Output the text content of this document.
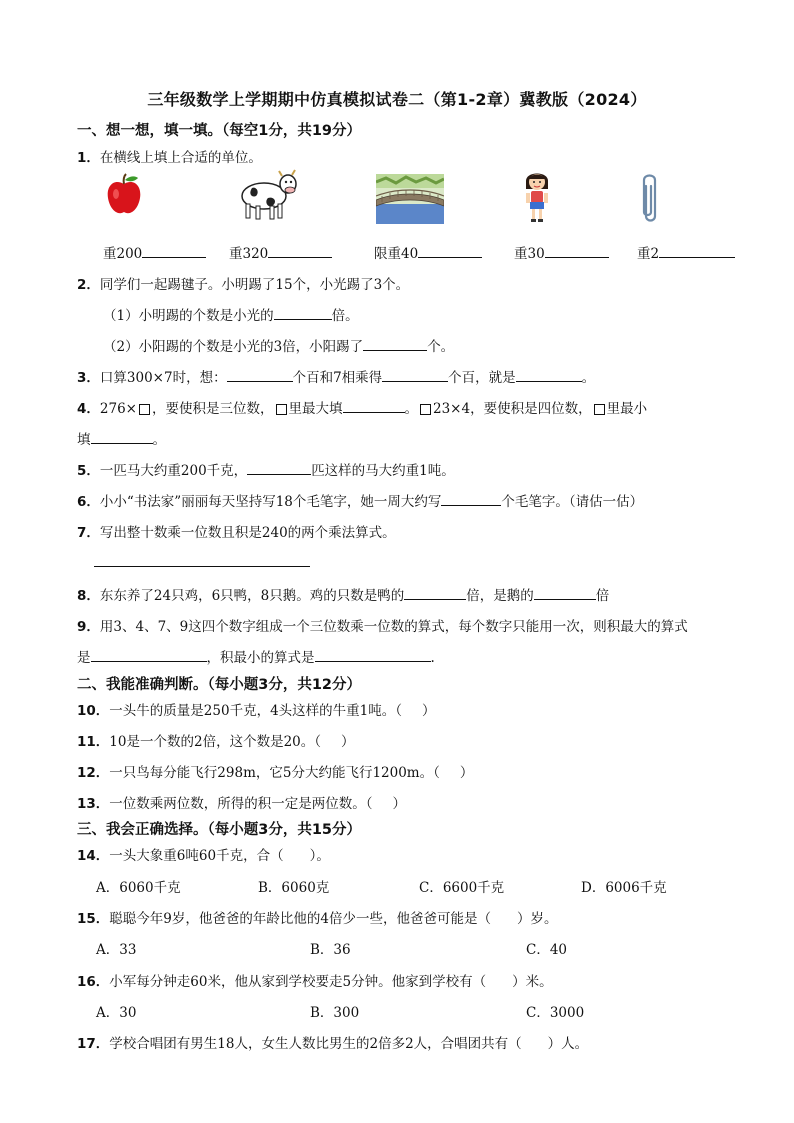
三年级数学上学期期中仿真模拟试卷二（第1-2章）冀教版（2024）
一、想一想，填一填。（每空1分，共19分）
1．在横线上填上合适的单位。
重200	重320	限重40	重30	重2
2．同学们一起踢毽子。小明踢了15个，小光踢了3个。
（1）小明踢的个数是小光的	倍。
（2）小阳踢的个数是小光的3倍，小阳踢了	个。
3．口算300×7时，想：	个百和7相乘得	个百，就是	。
4．276× ，要使积是三位数， 里最大填	。 23×4，要使积是四位数， 里最小
填	。
5．一匹马大约重200千克，	匹这样的马大约重1吨。
6．小小“书法家”丽丽每天坚持写18个毛笔字，她一周大约写	个毛笔字。（请估一估）
7．写出整十数乘一位数且积是240的两个乘法算式。
8．东东养了24只鸡，6只鸭，8只鹅。鸡的只数是鸭的	倍，是鹅的	倍
9．用3、4、7、9这四个数字组成一个三位数乘一位数的算式，每个数字只能用一次，则积最大的算式
是	，积最小的算式是	.
二、我能准确判断。（每小题3分，共12分）
10．一头牛的质量是250千克，4头这样的牛重1吨。（ ）
11．10是一个数的2倍，这个数是20。（ ）
12．一只鸟每分能飞行298m，它5分大约能飞行1200m。（ ）
13．一位数乘两位数，所得的积一定是两位数。（ ）
三、我会正确选择。（每小题3分，共15分）
14．一头大象重6吨60千克，合（ ）。
A．6060千克	B．6060克	C．6600千克	D．6006千克
15．聪聪今年9岁，他爸爸的年龄比他的4倍少一些，他爸爸可能是（ ）岁。
A．33	B．36	C．40
16．小军每分钟走60米，他从家到学校要走5分钟。他家到学校有（ ）米。
A．30	B．300	C．3000
17．学校合唱团有男生18人，女生人数比男生的2倍多2人，合唱团共有（ ）人。
